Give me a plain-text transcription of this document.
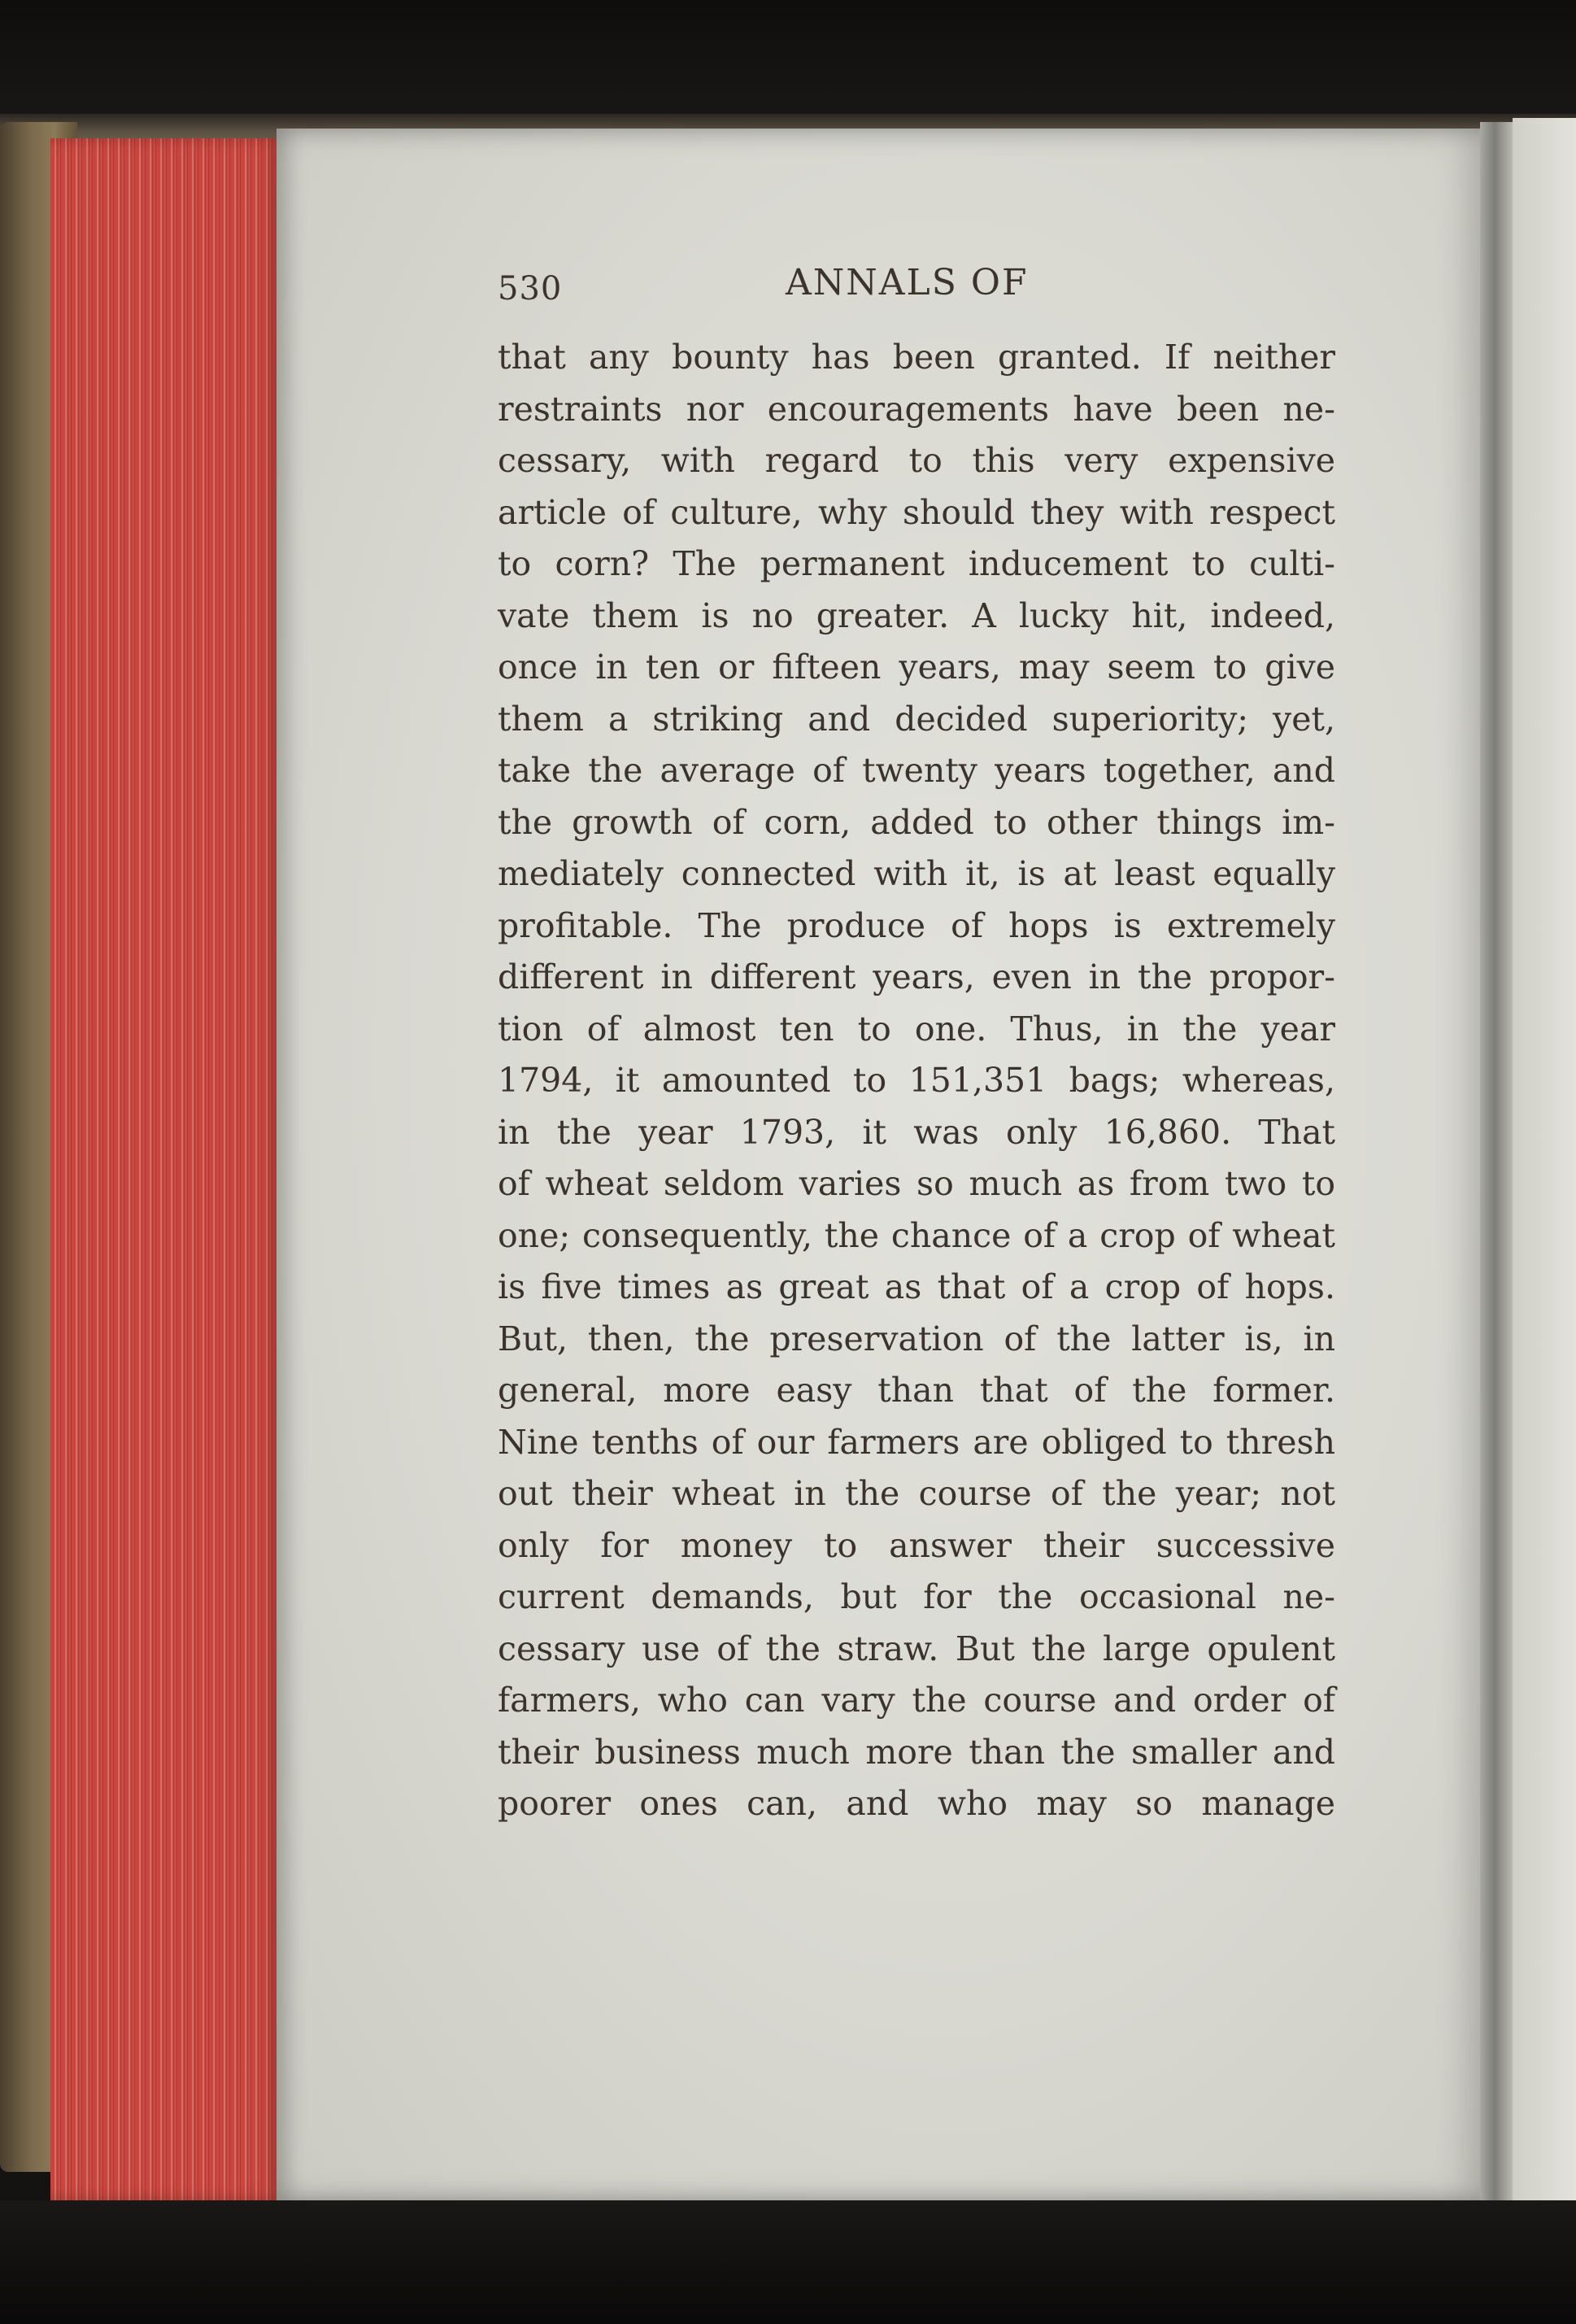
530	ANNALS OF
that any bounty has been granted. If neither
restraints nor encouragements have been ne-
cessary, with regard to this very expensive
article of culture, why should they with respect
to corn? The permanent inducement to culti-
vate them is no greater. A lucky hit, indeed,
once in ten or fifteen years, may seem to give
them a striking and decided superiority; yet,
take the average of twenty years together, and
the growth of corn, added to other things im-
mediately connected with it, is at least equally
profitable. The produce of hops is extremely
different in different years, even in the propor-
tion of almost ten to one. Thus, in the year
1794, it amounted to 151,351 bags; whereas,
in the year 1793, it was only 16,860. That
of wheat seldom varies so much as from two to
one; consequently, the chance of a crop of wheat
is five times as great as that of a crop of hops.
But, then, the preservation of the latter is, in
general, more easy than that of the former.
Nine tenths of our farmers are obliged to thresh
out their wheat in the course of the year; not
only for money to answer their successive
current demands, but for the occasional ne-
cessary use of the straw. But the large opulent
farmers, who can vary the course and order of
their business much more than the smaller and
poorer ones can, and who may so manage
